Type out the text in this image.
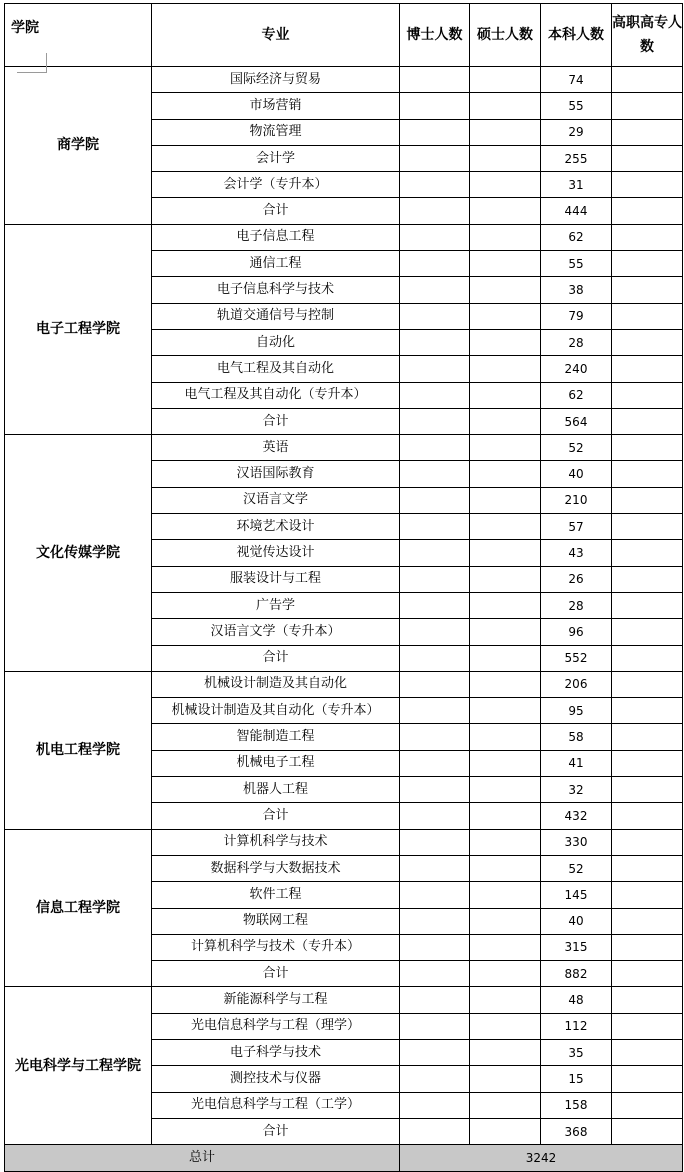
学院	专业	博士人数	硕士人数	本科人数	高职高专人数
商学院	国际经济与贸易			74	
	市场营销			55	
	物流管理			29	
	会计学			255	
	会计学（专升本）			31	
	合计			444	
电子工程学院	电子信息工程			62	
	通信工程			55	
	电子信息科学与技术			38	
	轨道交通信号与控制			79	
	自动化			28	
	电气工程及其自动化			240	
	电气工程及其自动化（专升本）			62	
	合计			564	
文化传媒学院	英语			52	
	汉语国际教育			40	
	汉语言文学			210	
	环境艺术设计			57	
	视觉传达设计			43	
	服装设计与工程			26	
	广告学			28	
	汉语言文学（专升本）			96	
	合计			552	
机电工程学院	机械设计制造及其自动化			206	
	机械设计制造及其自动化（专升本）			95	
	智能制造工程			58	
	机械电子工程			41	
	机器人工程			32	
	合计			432	
信息工程学院	计算机科学与技术			330	
	数据科学与大数据技术			52	
	软件工程			145	
	物联网工程			40	
	计算机科学与技术（专升本）			315	
	合计			882	
光电科学与工程学院	新能源科学与工程			48	
	光电信息科学与工程（理学）			112	
	电子科学与技术			35	
	测控技术与仪器			15	
	光电信息科学与工程（工学）			158	
	合计			368	
总计		3242			
